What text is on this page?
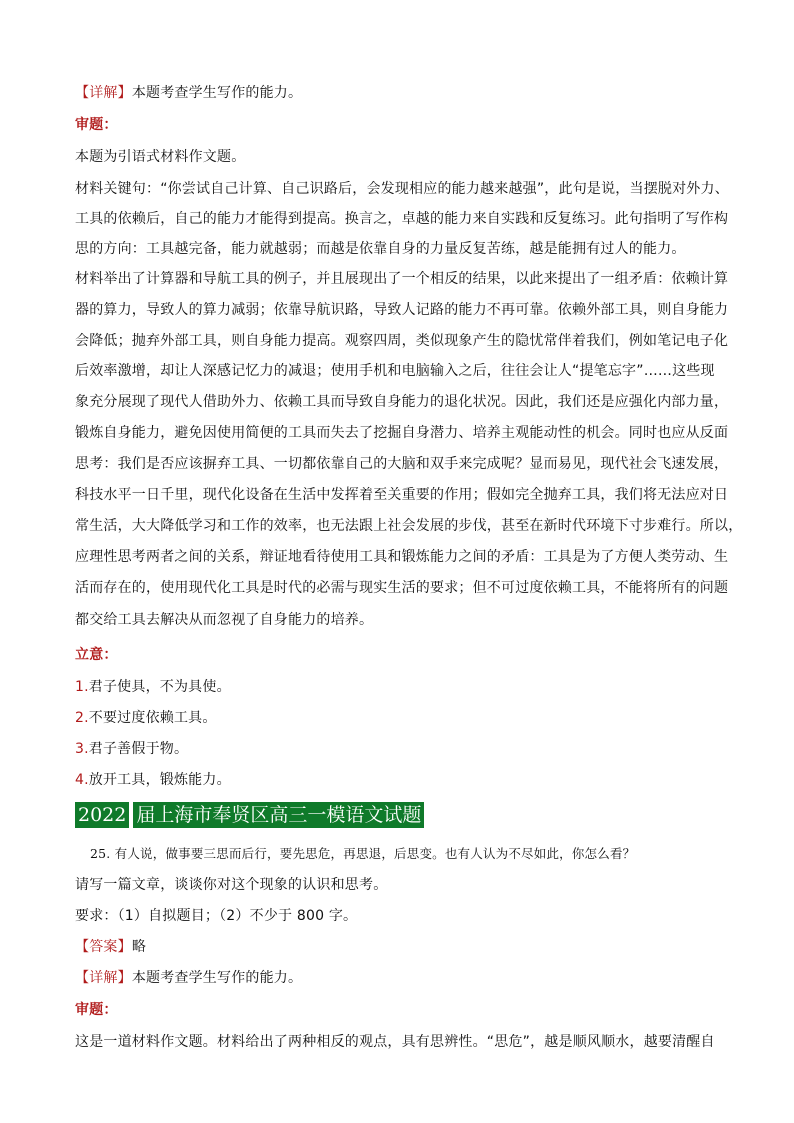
【详解】本题考查学生写作的能力。
审题：
本题为引语式材料作文题。
材料关键句：“你尝试自己计算、自己识路后，会发现相应的能力越来越强”，此句是说，当摆脱对外力、
工具的依赖后，自己的能力才能得到提高。换言之，卓越的能力来自实践和反复练习。此句指明了写作构
思的方向：工具越完备，能力就越弱；而越是依靠自身的力量反复苦练，越是能拥有过人的能力。
材料举出了计算器和导航工具的例子，并且展现出了一个相反的结果，以此来提出了一组矛盾：依赖计算
器的算力，导致人的算力减弱；依靠导航识路，导致人记路的能力不再可靠。依赖外部工具，则自身能力
会降低；抛弃外部工具，则自身能力提高。观察四周，类似现象产生的隐忧常伴着我们，例如笔记电子化
后效率激增，却让人深感记忆力的减退；使用手机和电脑输入之后，往往会让人“提笔忘字”……这些现
象充分展现了现代人借助外力、依赖工具而导致自身能力的退化状况。因此，我们还是应强化内部力量，
锻炼自身能力，避免因使用简便的工具而失去了挖掘自身潜力、培养主观能动性的机会。同时也应从反面
思考：我们是否应该摒弃工具、一切都依靠自己的大脑和双手来完成呢？显而易见，现代社会飞速发展，
科技水平一日千里，现代化设备在生活中发挥着至关重要的作用；假如完全抛弃工具，我们将无法应对日
常生活，大大降低学习和工作的效率，也无法跟上社会发展的步伐，甚至在新时代环境下寸步难行。所以，
应理性思考两者之间的关系，辩证地看待使用工具和锻炼能力之间的矛盾：工具是为了方便人类劳动、生
活而存在的，使用现代化工具是时代的必需与现实生活的要求；但不可过度依赖工具，不能将所有的问题
都交给工具去解决从而忽视了自身能力的培养。
立意：
1.君子使具，不为具使。
2.不要过度依赖工具。
3.君子善假于物。
4.放开工具，锻炼能力。
2022 届上海市奉贤区高三一模语文试题
25. 有人说，做事要三思而后行，要先思危，再思退，后思变。也有人认为不尽如此，你怎么看？
请写一篇文章，谈谈你对这个现象的认识和思考。
要求：（1）自拟题目；（2）不少于 800 字。
【答案】略
【详解】本题考查学生写作的能力。
审题：
这是一道材料作文题。材料给出了两种相反的观点，具有思辨性。“思危”，越是顺风顺水，越要清醒自
